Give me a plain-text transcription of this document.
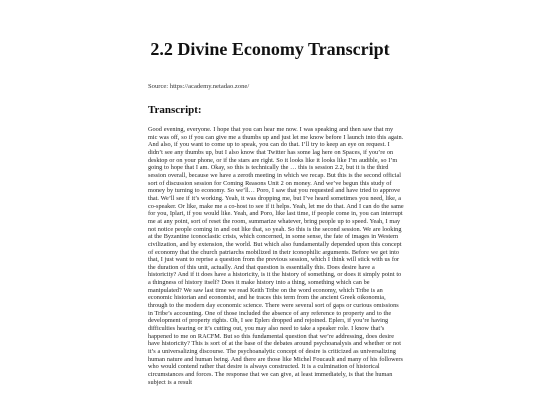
2.2 Divine Economy Transcript

Source: https://academy.netadao.zone/

Transcript:

Good evening, everyone. I hope that you can hear me now. I was speaking and then saw that my mic was off, so if you can give me a thumbs up and just let me know before I launch into this again. And also, if you want to come up to speak, you can do that. I’ll try to keep an eye on request. I didn’t see any thumbs up, but I also know that Twitter has some lag here on Spaces, if you’re on desktop or on your phone, or if the stars are right. So it looks like it looks like I’m audible, so I’m going to hope that I am. Okay, so this is technically the … this is session 2.2, but it is the third session overall, because we have a zeroth meeting in which we recap. But this is the second official sort of discussion session for Coming Reasons Unit 2 on money. And we’ve begun this study of money by turning to economy. So we’ll… Poro, I saw that you requested and have tried to approve that. We’ll see if it’s working. Yeah, it was dropping me, but I’ve heard sometimes you need, like, a co-speaker. Or like, make me a co-host to see if it helps. Yeah, let me do that. And I can do the same for you, Iplari, if you would like. Yeah, and Poro, like last time, if people come in, you can interrupt me at any point, sort of reset the room, summarize whatever, bring people up to speed. Yeah, I may not notice people coming in and out like that, so yeah. So this is the second session. We are looking at the Byzantine iconoclastic crisis, which concerned, in some sense, the fate of images in Western civilization, and by extension, the world. But which also fundamentally depended upon this concept of economy that the church patriarchs mobilized in their iconophilic arguments. Before we get into that, I just want to reprise a question from the previous session, which I think will stick with us for the duration of this unit, actually. And that question is essentially this. Does desire have a historicity? And if it does have a historicity, is it the history of something, or does it simply point to a thingness of history itself? Does it make history into a thing, something which can be manipulated? We saw last time we read Keith Tribe on the word economy, which Tribe is an economic historian and economist, and he traces this term from the ancient Greek oikonomia, through to the modern day economic science. There were several sort of gaps or curious omissions in Tribe’s accounting. One of those included the absence of any reference to property and to the development of property rights. Oh, I see Eplerı dropped and rejoined. Eplerı, if you’re having difficulties hearing or it’s cutting out, you may also need to take a speaker role. I know that’s happened to me on RACFM. But so this fundamental question that we’re addressing, does desire have historicity? This is sort of at the base of the debates around psychoanalysis and whether or not it’s a universalizing discourse. The psychoanalytic concept of desire is criticized as universalizing human nature and human being. And there are those like Michel Foucault and many of his followers who would contend rather that desire is always constructed. It is a culmination of historical circumstances and forces. The response that we can give, at least immediately, is that the human subject is a result
